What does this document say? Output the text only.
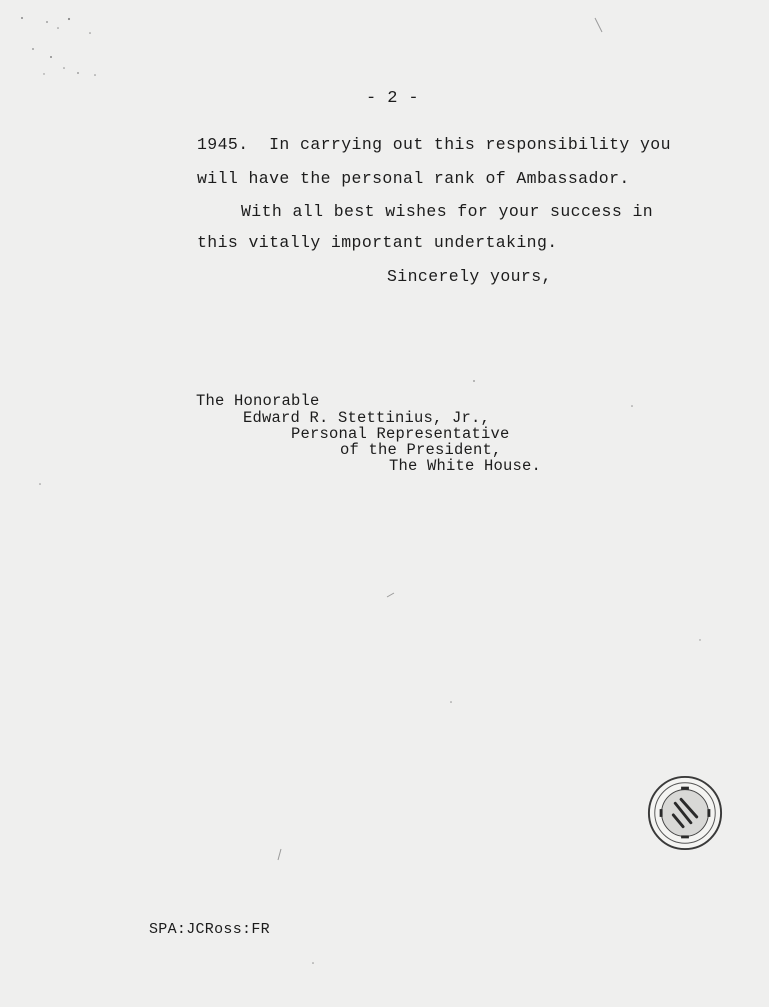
- 2 -
1945.  In carrying out this responsibility you
will have the personal rank of Ambassador.
With all best wishes for your success in
this vitally important undertaking.
Sincerely yours,
The Honorable
Edward R. Stettinius, Jr.,
Personal Representative
of the President,
The White House.
SPA:JCRoss:FR
